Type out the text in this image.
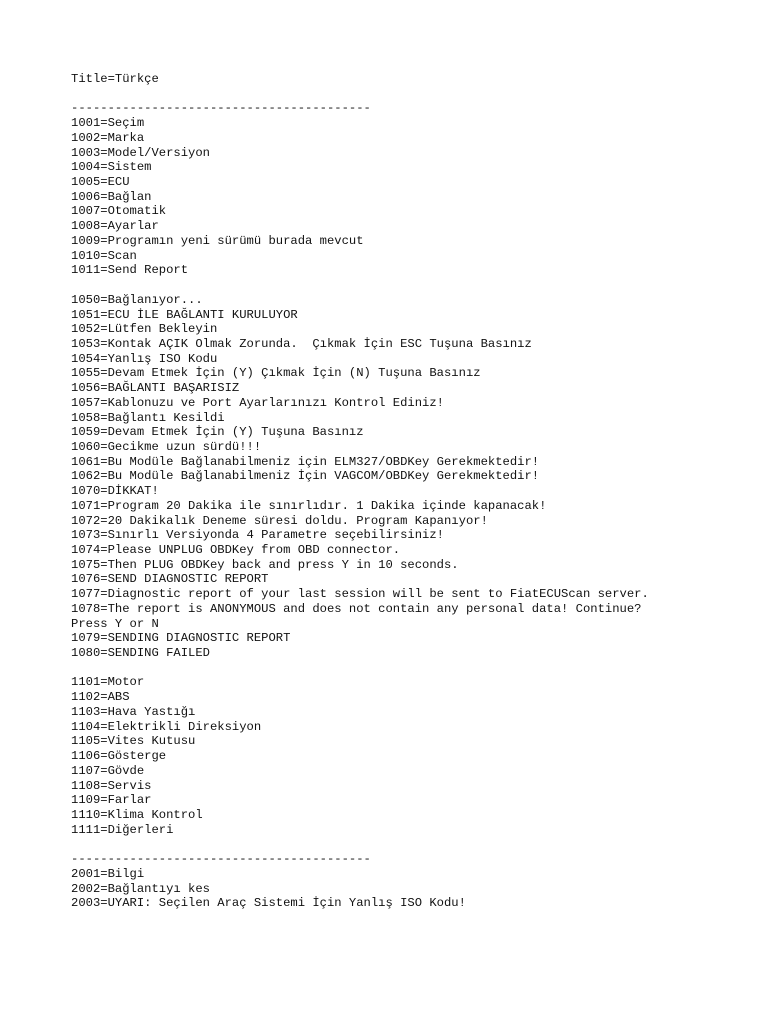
Title=Türkçe
-----------------------------------------
1001=Seçim
1002=Marka
1003=Model/Versiyon
1004=Sistem
1005=ECU
1006=Bağlan
1007=Otomatik
1008=Ayarlar
1009=Programın yeni sürümü burada mevcut
1010=Scan
1011=Send Report
1050=Bağlanıyor...
1051=ECU İLE BAĞLANTI KURULUYOR
1052=Lütfen Bekleyin
1053=Kontak AÇIK Olmak Zorunda.  Çıkmak İçin ESC Tuşuna Basınız
1054=Yanlış ISO Kodu
1055=Devam Etmek İçin (Y) Çıkmak İçin (N) Tuşuna Basınız
1056=BAĞLANTI BAŞARISIZ
1057=Kablonuzu ve Port Ayarlarınızı Kontrol Ediniz!
1058=Bağlantı Kesildi
1059=Devam Etmek İçin (Y) Tuşuna Basınız
1060=Gecikme uzun sürdü!!!
1061=Bu Modüle Bağlanabilmeniz için ELM327/OBDKey Gerekmektedir!
1062=Bu Modüle Bağlanabilmeniz İçin VAGCOM/OBDKey Gerekmektedir!
1070=DİKKAT!
1071=Program 20 Dakika ile sınırlıdır. 1 Dakika içinde kapanacak!
1072=20 Dakikalık Deneme süresi doldu. Program Kapanıyor!
1073=Sınırlı Versiyonda 4 Parametre seçebilirsiniz!
1074=Please UNPLUG OBDKey from OBD connector.
1075=Then PLUG OBDKey back and press Y in 10 seconds.
1076=SEND DIAGNOSTIC REPORT
1077=Diagnostic report of your last session will be sent to FiatECUScan server.
1078=The report is ANONYMOUS and does not contain any personal data! Continue?
Press Y or N
1079=SENDING DIAGNOSTIC REPORT
1080=SENDING FAILED
1101=Motor
1102=ABS
1103=Hava Yastığı
1104=Elektrikli Direksiyon
1105=Vites Kutusu
1106=Gösterge
1107=Gövde
1108=Servis
1109=Farlar
1110=Klima Kontrol
1111=Diğerleri
-----------------------------------------
2001=Bilgi
2002=Bağlantıyı kes
2003=UYARI: Seçilen Araç Sistemi İçin Yanlış ISO Kodu!
